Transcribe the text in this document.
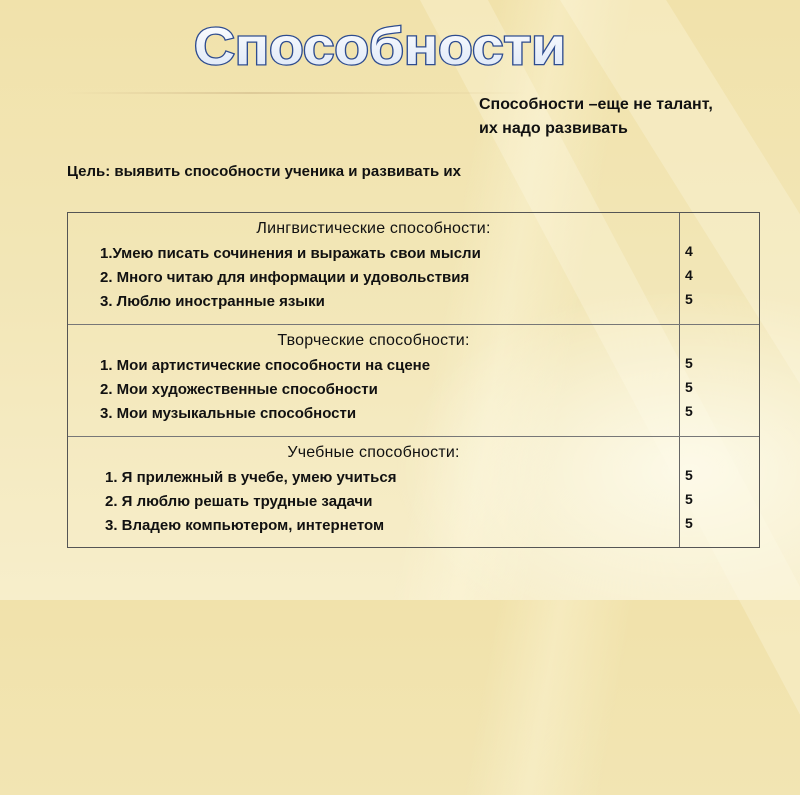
Способности
Способности –еще не талант,
их надо развивать
Цель: выявить способности ученика и развивать их
Лингвистические способности:
1.Умею писать сочинения и выражать свои мысли
2. Много читаю для информации и удовольствия
3. Люблю иностранные языки
4
4
5
Творческие способности:
1. Мои артистические способности на сцене
2. Мои художественные способности
3. Мои музыкальные способности
5
5
5
Учебные способности:
1. Я прилежный в учебе, умею учиться
2. Я люблю решать трудные задачи
3. Владею компьютером, интернетом
5
5
5
